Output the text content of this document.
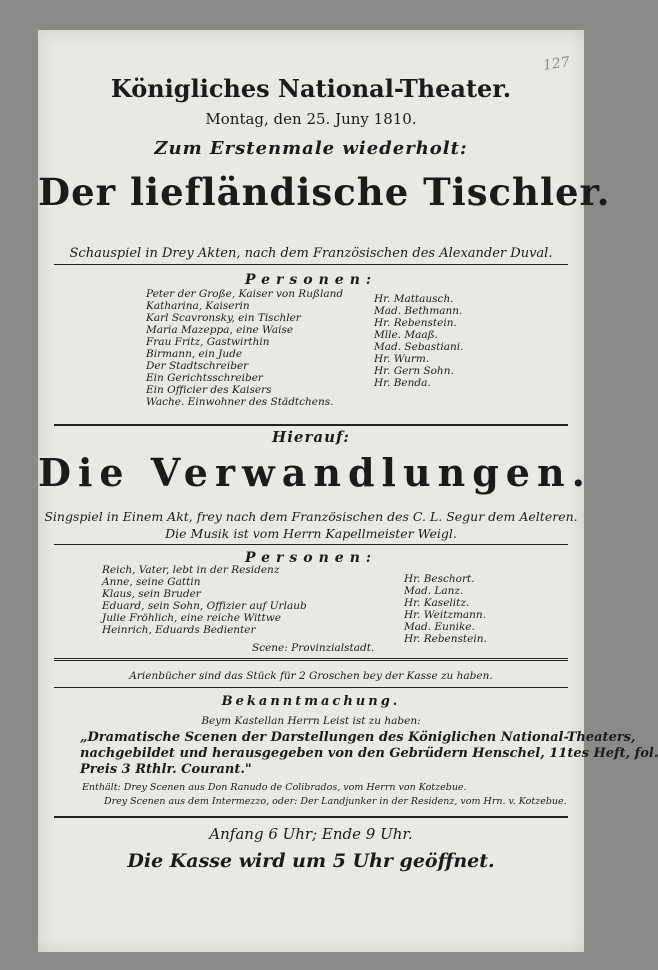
127
Königliches National-Theater.
Montag, den 25. Juny 1810.
Zum Erstenmale wiederholt:
Der liefländische Tischler.
Schauspiel in Drey Akten, nach dem Französischen des Alexander Duval.
Personen:
Peter der Große, Kaiser von Rußland
Katharina, Kaiserin
Karl Scavronsky, ein Tischler
Maria Mazeppa, eine Waise
Frau Fritz, Gastwirthin
Birmann, ein Jude
Der Stadtschreiber
Ein Gerichtsschreiber
Ein Officier des Kaisers
Wache. Einwohner des Städtchens.
Hr. Mattausch.
Mad. Bethmann.
Hr. Rebenstein.
Mlle. Maaß.
Mad. Sebastiani.
Hr. Wurm.
Hr. Gern Sohn.
Hr. Benda.
Hierauf:
Die Verwandlungen.
Singspiel in Einem Akt, frey nach dem Französischen des C. L. Segur dem Aelteren.
Die Musik ist vom Herrn Kapellmeister Weigl.
Personen:
Reich, Vater, lebt in der Residenz
Anne, seine Gattin
Klaus, sein Bruder
Eduard, sein Sohn, Offizier auf Urlaub
Julie Fröhlich, eine reiche Wittwe
Heinrich, Eduards Bedienter
Hr. Beschort.
Mad. Lanz.
Hr. Kaselitz.
Hr. Weitzmann.
Mad. Eunike.
Hr. Rebenstein.
Scene: Provinzialstadt.
Arienbücher sind das Stück für 2 Groschen bey der Kasse zu haben.
Bekanntmachung.
Beym Kastellan Herrn Leist ist zu haben:
„Dramatische Scenen der Darstellungen des Königlichen National-Theaters,
nachgebildet und herausgegeben von den Gebrüdern Henschel, 11tes Heft, fol.
Preis 3 Rthlr. Courant."
Enthält: Drey Scenen aus Don Ranudo de Colibrados, vom Herrn von Kotzebue.
Drey Scenen aus dem Intermezzo, oder: Der Landjunker in der Residenz, vom Hrn. v. Kotzebue.
Anfang 6 Uhr; Ende 9 Uhr.
Die Kasse wird um 5 Uhr geöffnet.
